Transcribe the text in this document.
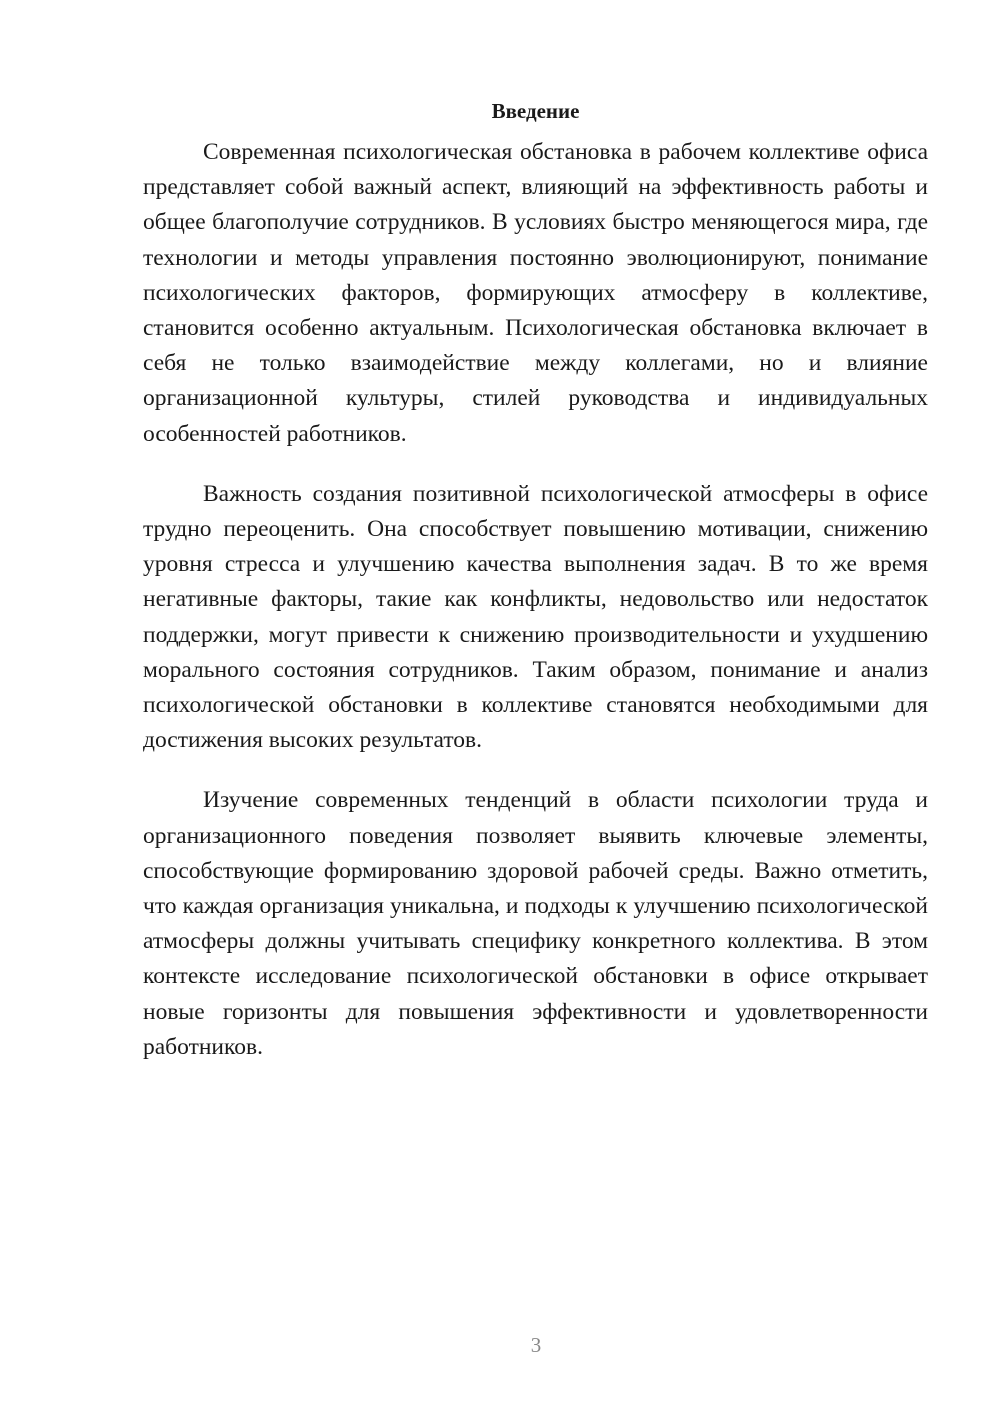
Введение

Современная психологическая обстановка в рабочем коллективе офиса представляет собой важный аспект, влияющий на эффективность работы и общее благополучие сотрудников. В условиях быстро меняющегося мира, где технологии и методы управления постоянно эволюционируют, понимание психологических факторов, формирующих атмосферу в коллективе, становится особенно актуальным. Психологическая обстановка включает в себя не только взаимодействие между коллегами, но и влияние организационной культуры, стилей руководства и индивидуальных особенностей работников.

Важность создания позитивной психологической атмосферы в офисе трудно переоценить. Она способствует повышению мотивации, снижению уровня стресса и улучшению качества выполнения задач. В то же время негативные факторы, такие как конфликты, недовольство или недостаток поддержки, могут привести к снижению производительности и ухудшению морального состояния сотрудников. Таким образом, понимание и анализ психологической обстановки в коллективе становятся необходимыми для достижения высоких результатов.

Изучение современных тенденций в области психологии труда и организационного поведения позволяет выявить ключевые элементы, способствующие формированию здоровой рабочей среды. Важно отметить, что каждая организация уникальна, и подходы к улучшению психологической атмосферы должны учитывать специфику конкретного коллектива. В этом контексте исследование психологической обстановки в офисе открывает новые горизонты для повышения эффективности и удовлетворенности работников.

3
